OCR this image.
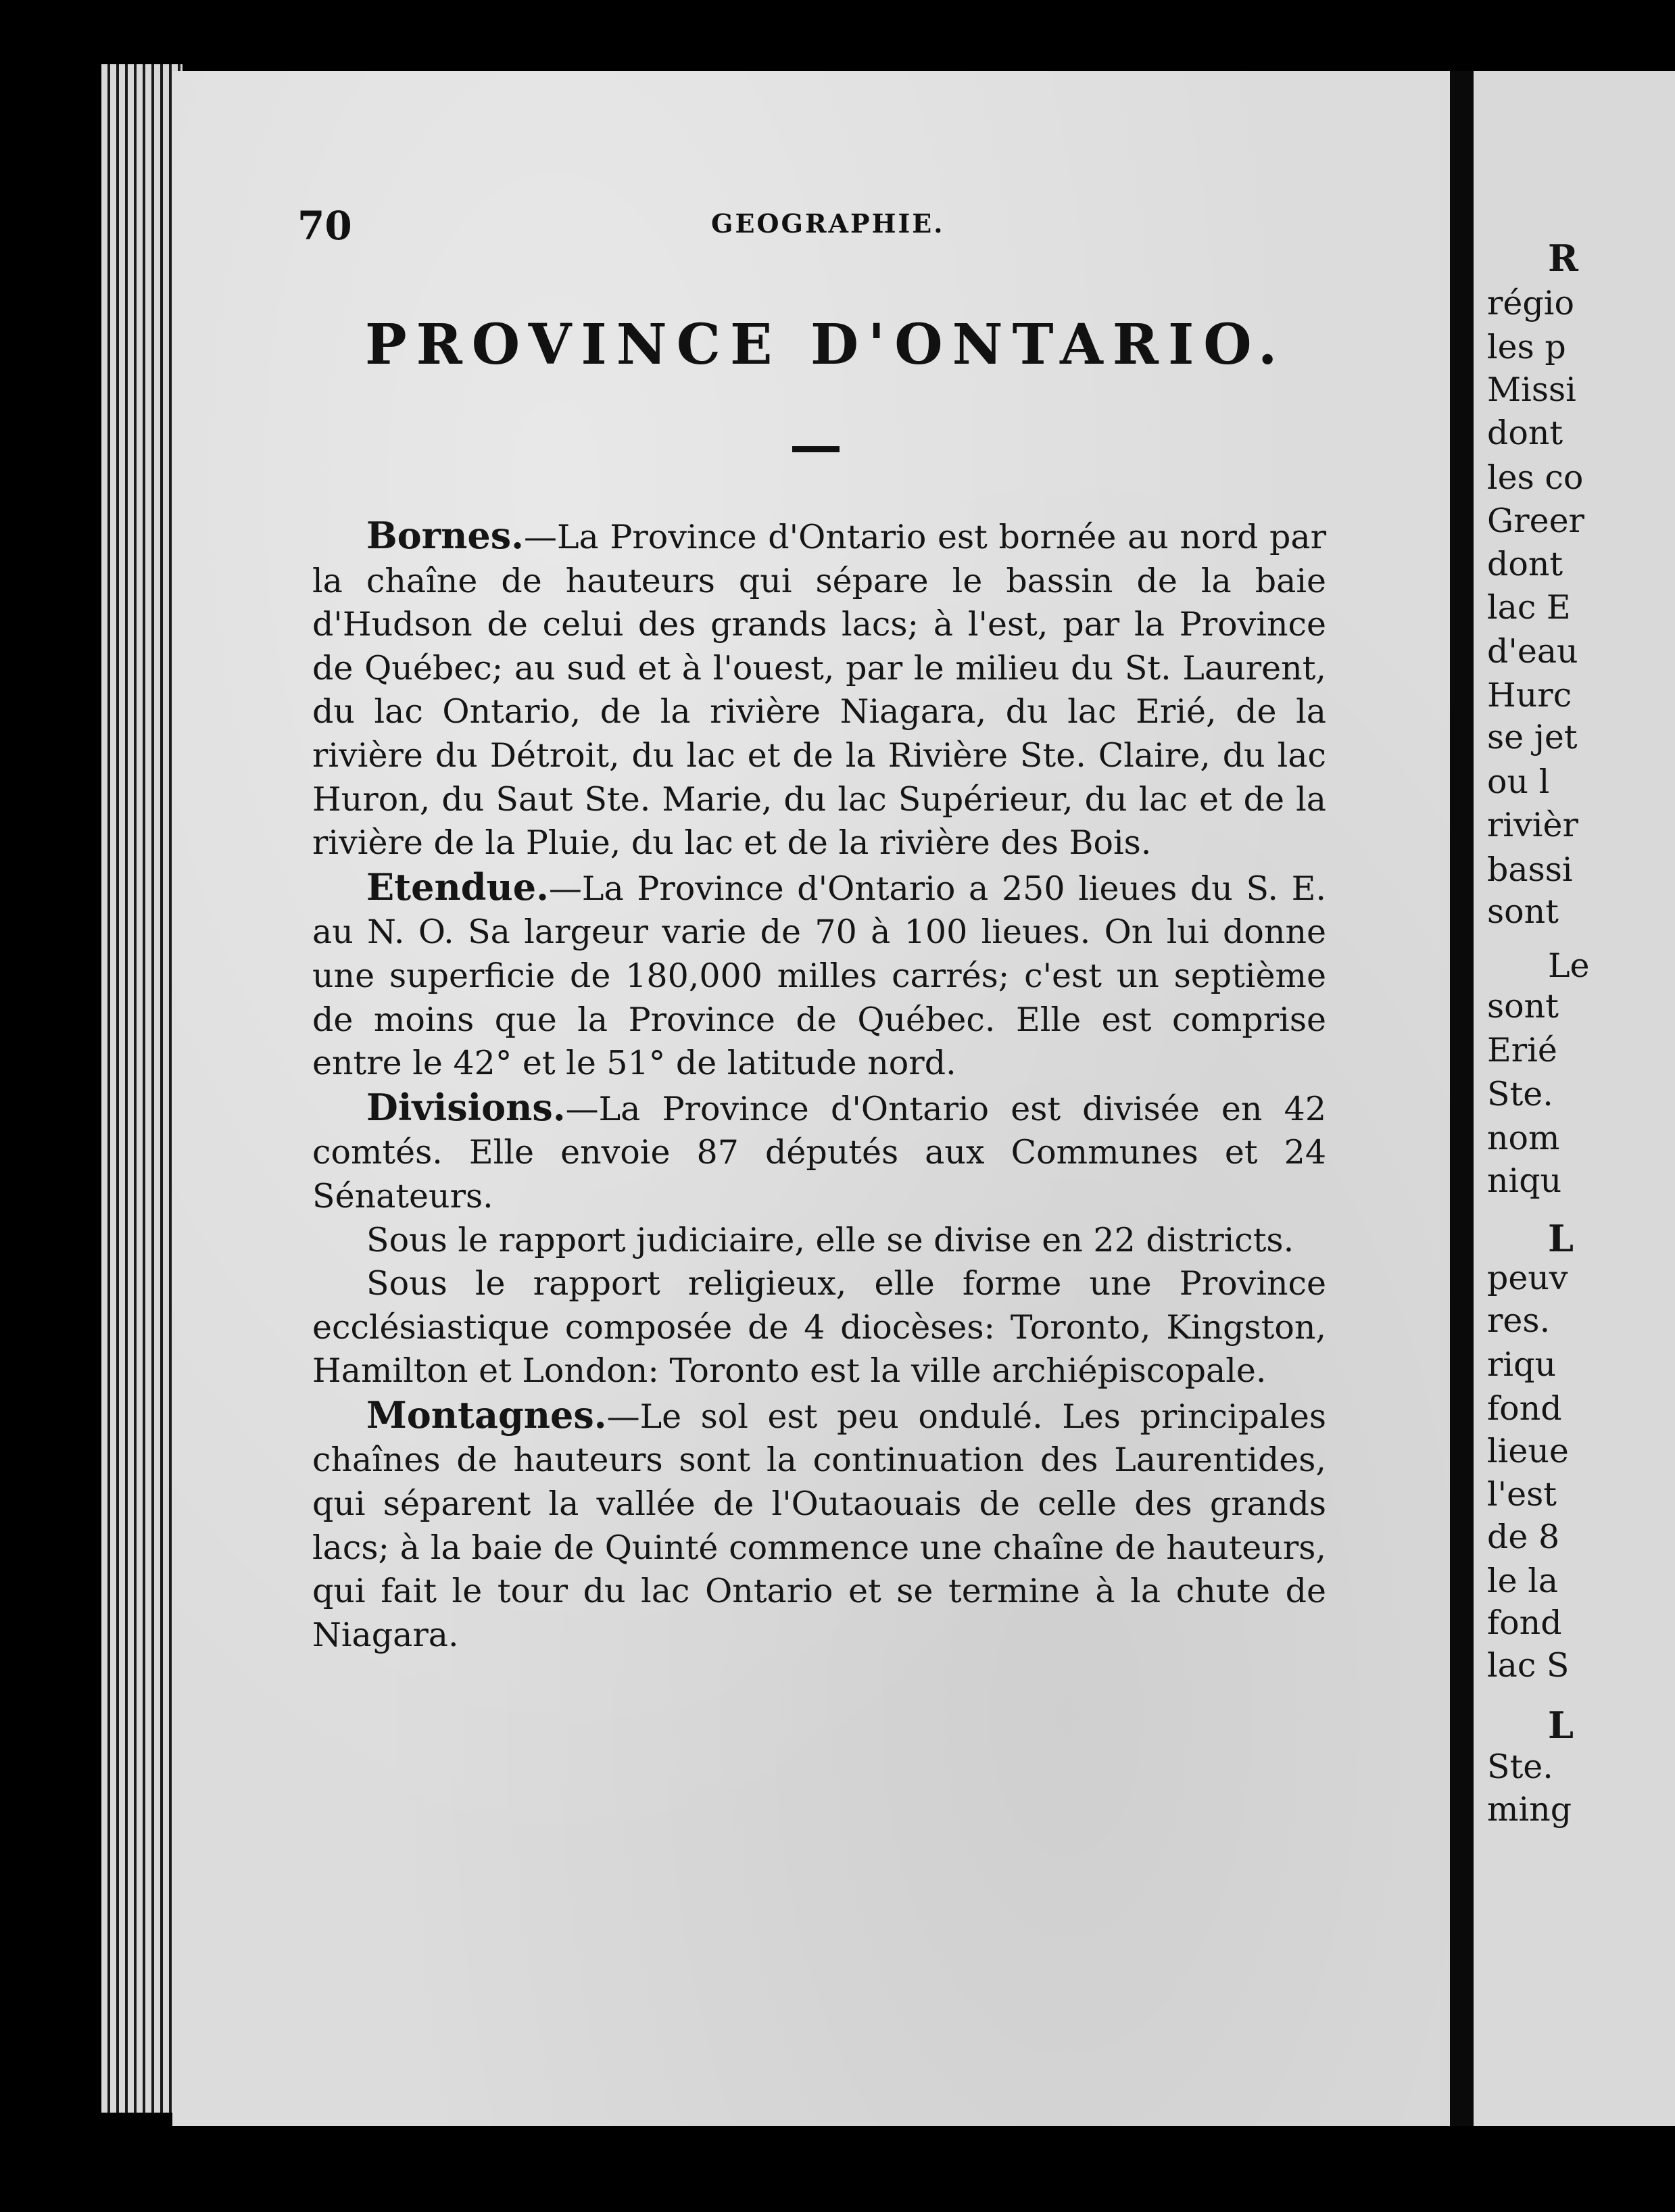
70	GEOGRAPHIE.
PROVINCE D'ONTARIO.

Bornes.—La Province d'Ontario est bornée au nord par la chaîne de hauteurs qui sépare le bassin de la baie d'Hudson de celui des grands lacs; à l'est, par la Province de Québec; au sud et à l'ouest, par le milieu du St. Laurent, du lac Ontario, de la rivière Niagara, du lac Erié, de la rivière du Détroit, du lac et de la Rivière Ste. Claire, du lac Huron, du Saut Ste. Marie, du lac Supérieur, du lac et de la rivière de la Pluie, du lac et de la rivière des Bois.

Etendue.—La Province d'Ontario a 250 lieues du S. E. au N. O. Sa largeur varie de 70 à 100 lieues. On lui donne une superficie de 180,000 milles carrés; c'est un septième de moins que la Province de Québec. Elle est comprise entre le 42° et le 51° de latitude nord.

Divisions.—La Province d'Ontario est divisée en 42 comtés. Elle envoie 87 députés aux Communes et 24 Sénateurs.

Sous le rapport judiciaire, elle se divise en 22 districts.

Sous le rapport religieux, elle forme une Province ecclésiastique composée de 4 diocèses: Toronto, Kingston, Hamilton et London: Toronto est la ville archiépiscopale.

Montagnes.—Le sol est peu ondulé. Les principales chaînes de hauteurs sont la continuation des Laurentides, qui séparent la vallée de l'Outaouais de celle des grands lacs; à la baie de Quinté commence une chaîne de hauteurs, qui fait le tour du lac Ontario et se termine à la chute de Niagara.

R
régio
les p
Missi
dont
les co
Greer
dont
lac E
d'eau
Hurc
se jet
ou l
rivièr
bassi
sont
Le
sont
Erié
Ste.
nom
niqu
L
peuv
res.
riqu
fond
lieue
l'est
de 8
le la
fond
lac S
L
Ste.
ming
